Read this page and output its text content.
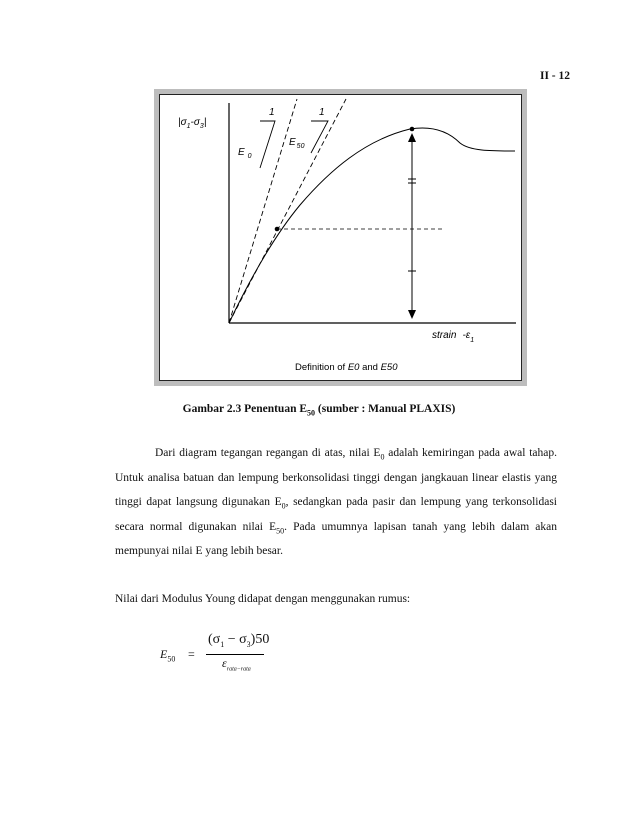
II - 12
$|\sigma_1-\sigma_3|$
1
E $_0$
1
$E_{50}$
strain $-\varepsilon_1$
Definition of E0 and E50
Gambar 2.3 Penentuan $E_{50}$ (sumber : Manual PLAXIS)

Dari diagram tegangan regangan di atas, nilai $E_0$ adalah kemiringan pada awal tahap. Untuk analisa batuan dan lempung berkonsolidasi tinggi dengan jangkauan linear elastis yang tinggi dapat langsung digunakan $E_0$, sedangkan pada pasir dan lempung yang terkonsolidasi secara normal digunakan nilai $E_{50}$. Pada umumnya lapisan tanah yang lebih dalam akan mempunyai nilai E yang lebih besar.

Nilai dari Modulus Young didapat dengan menggunakan rumus:

$E_{50}$ =
$(\sigma_1 - \sigma_3)50$
$\varepsilon_{rata-rata}$
